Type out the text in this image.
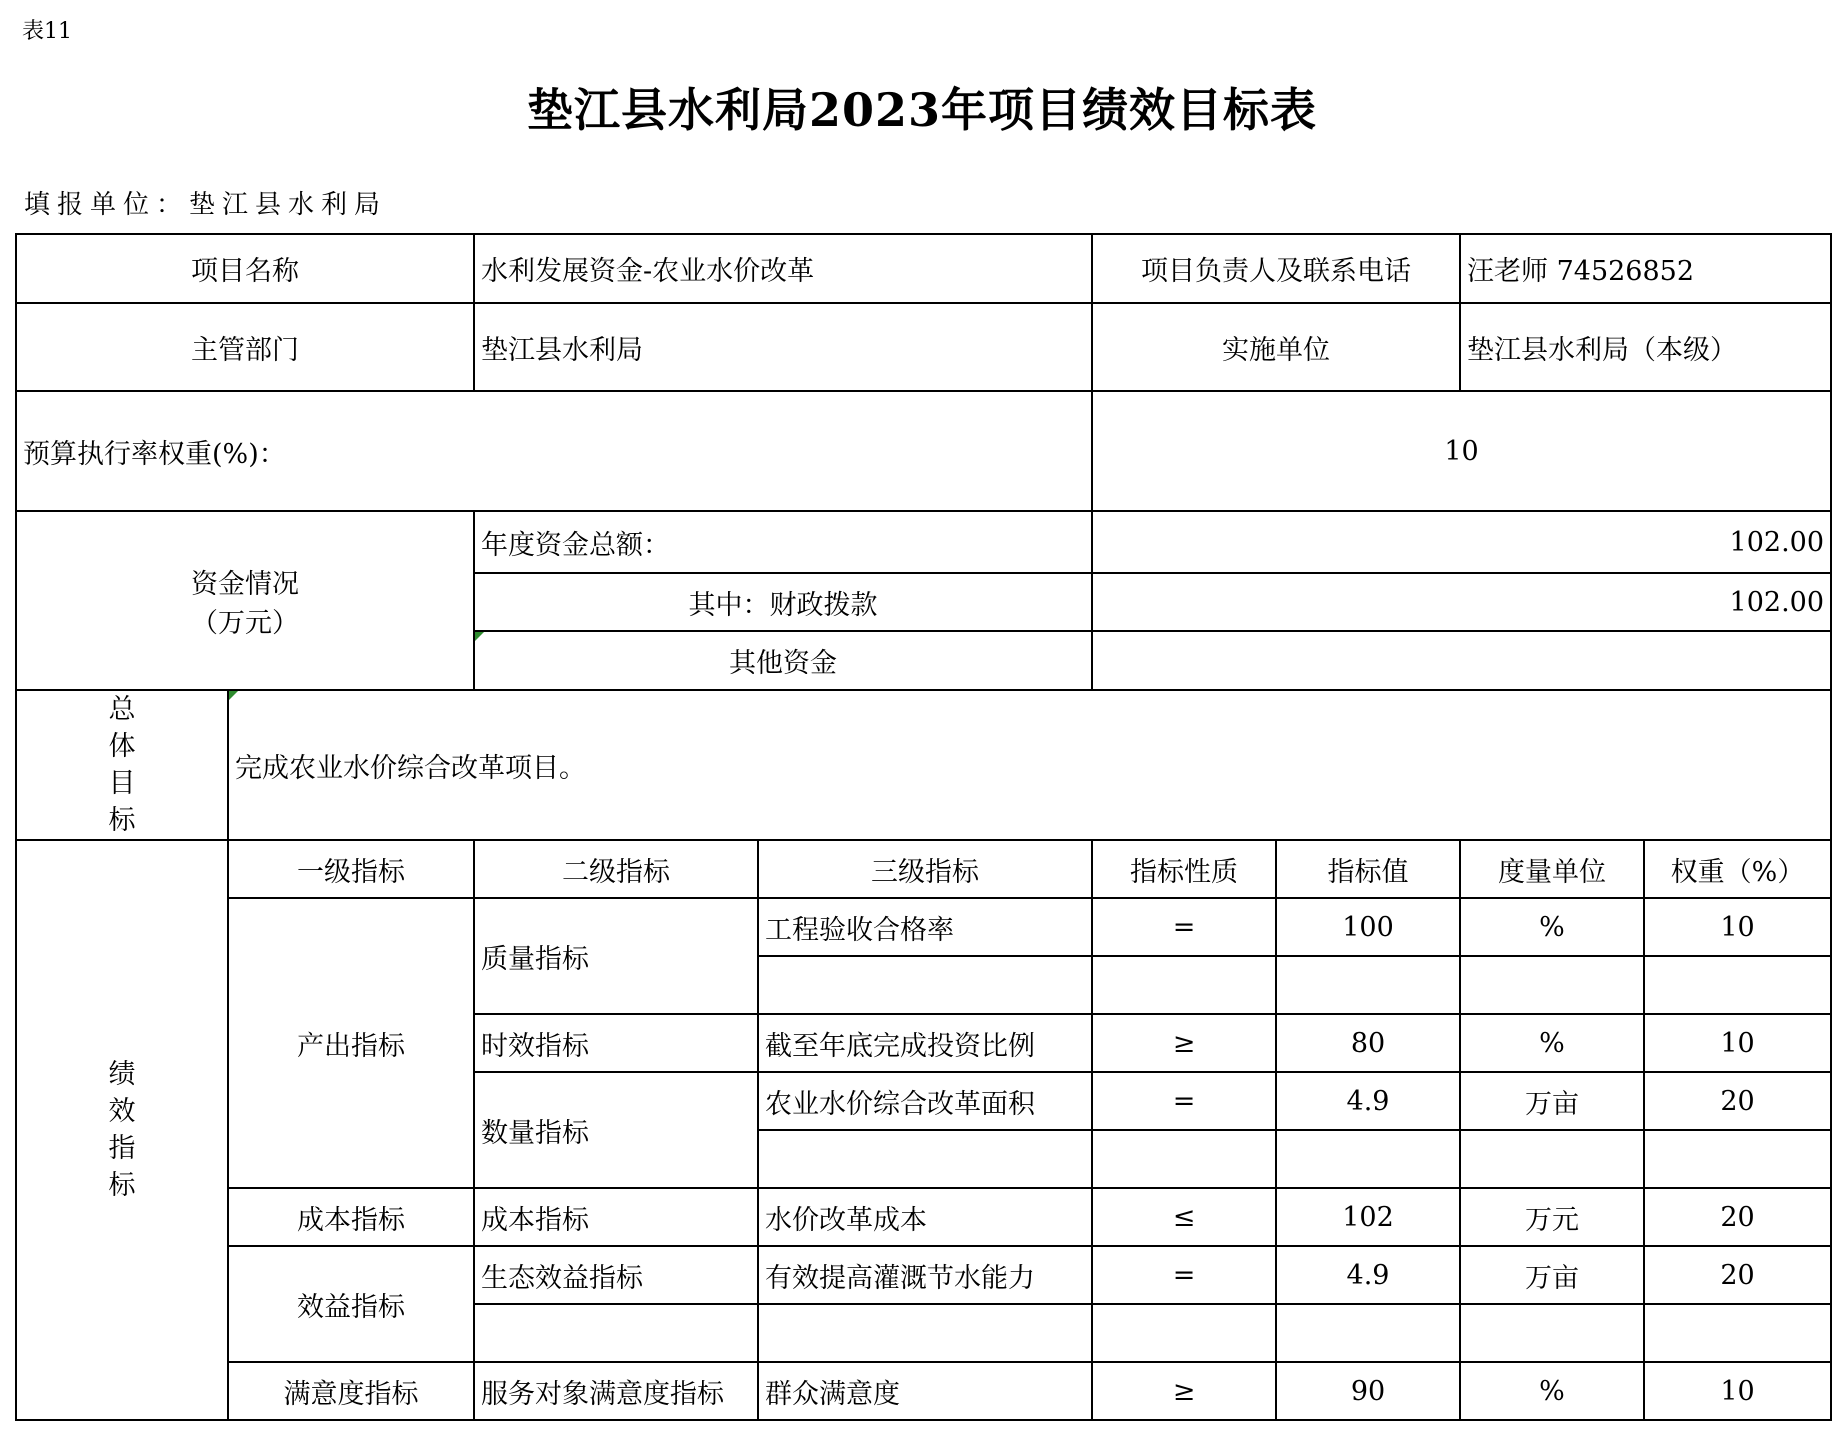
表11
垫江县水利局2023年项目绩效目标表
填报单位：垫江县水利局
项目名称		水利发展资金-农业水价改革		项目负责人及联系电话		汪老师 74526852	
主管部门		垫江县水利局		实施单位		垫江县水利局（本级）	
预算执行率权重(%)：				10			

资金情况
（万元）		年度资金总额：		102.00			
		其中：财政拨款		102.00			
		其他资金					

总
体
目
标	完成农业水价综合改革项目。						

绩
效
指
标	一级指标	二级指标	三级指标	指标性质	指标值	度量单位	权重（%）
	产出指标	质量指标	工程验收合格率	=	100	%	10

		时效指标	截至年底完成投资比例	≥	80	%	10
		数量指标	农业水价综合改革面积	=	4.9	万亩	20

	成本指标	成本指标	水价改革成本	≤	102	万元	20
	效益指标	生态效益指标	有效提高灌溉节水能力	=	4.9	万亩	20

	满意度指标	服务对象满意度指标	群众满意度	≥	90	%	10
